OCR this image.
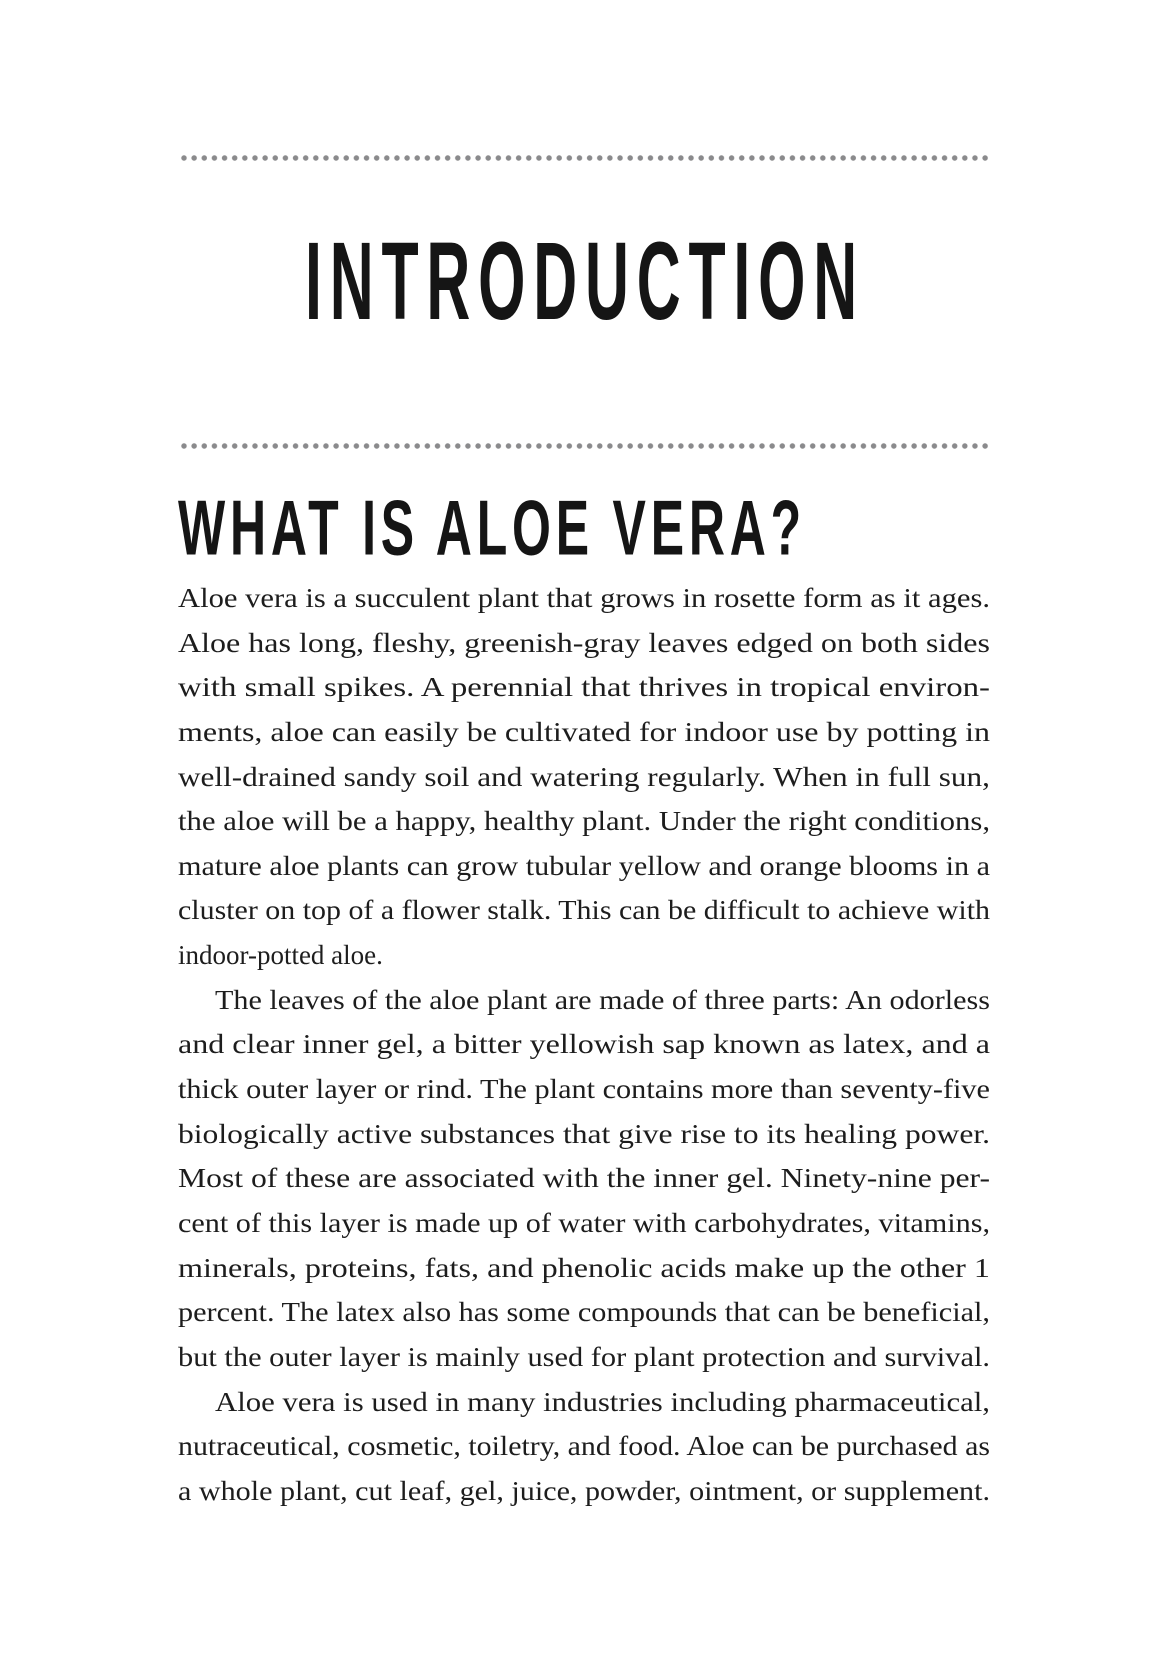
INTRODUCTION
WHAT IS ALOE VERA?
Aloe vera is a succulent plant that grows in rosette form as it ages.
Aloe has long, fleshy, greenish-gray leaves edged on both sides
with small spikes. A perennial that thrives in tropical environ-
ments, aloe can easily be cultivated for indoor use by potting in
well-drained sandy soil and watering regularly. When in full sun,
the aloe will be a happy, healthy plant. Under the right conditions,
mature aloe plants can grow tubular yellow and orange blooms in a
cluster on top of a flower stalk. This can be difficult to achieve with
indoor-potted aloe.
The leaves of the aloe plant are made of three parts: An odorless
and clear inner gel, a bitter yellowish sap known as latex, and a
thick outer layer or rind. The plant contains more than seventy-five
biologically active substances that give rise to its healing power.
Most of these are associated with the inner gel. Ninety-nine per-
cent of this layer is made up of water with carbohydrates, vitamins,
minerals, proteins, fats, and phenolic acids make up the other 1
percent. The latex also has some compounds that can be beneficial,
but the outer layer is mainly used for plant protection and survival.
Aloe vera is used in many industries including pharmaceutical,
nutraceutical, cosmetic, toiletry, and food. Aloe can be purchased as
a whole plant, cut leaf, gel, juice, powder, ointment, or supplement.
